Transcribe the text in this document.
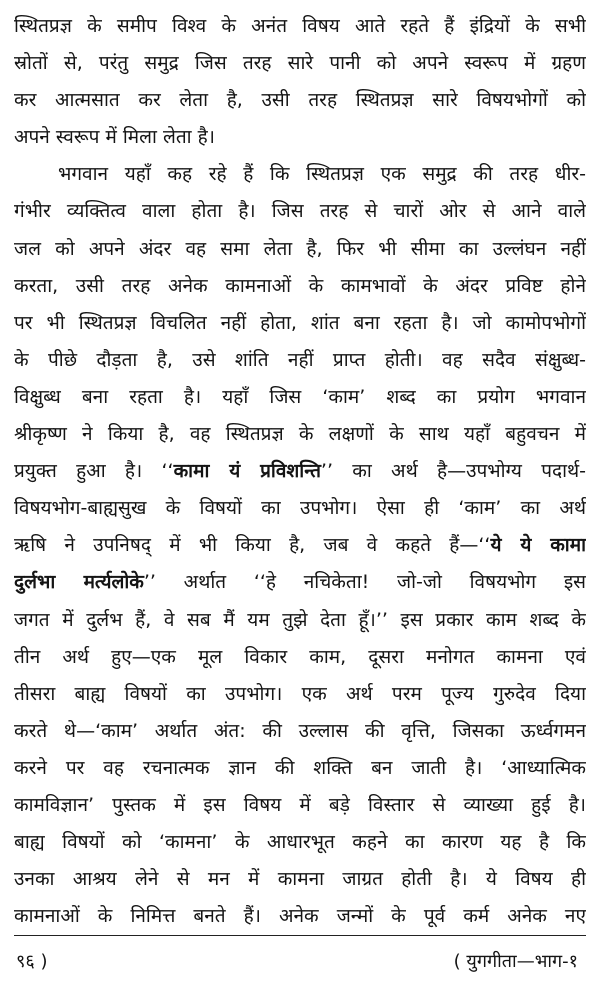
स्थितप्रज्ञ के समीप विश्व के अनंत विषय आते रहते हैं इंद्रियों के सभी
स्रोतों से, परंतु समुद्र जिस तरह सारे पानी को अपने स्वरूप में ग्रहण
कर आत्मसात कर लेता है, उसी तरह स्थितप्रज्ञ सारे विषयभोगों को
अपने स्वरूप में मिला लेता है।
भगवान यहाँ कह रहे हैं कि स्थितप्रज्ञ एक समुद्र की तरह धीर-
गंभीर व्यक्तित्व वाला होता है। जिस तरह से चारों ओर से आने वाले
जल को अपने अंदर वह समा लेता है, फिर भी सीमा का उल्लंघन नहीं
करता, उसी तरह अनेक कामनाओं के कामभावों के अंदर प्रविष्ट होने
पर भी स्थितप्रज्ञ विचलित नहीं होता, शांत बना रहता है। जो कामोपभोगों
के पीछे दौड़ता है, उसे शांति नहीं प्राप्त होती। वह सदैव संक्षुब्ध-
विक्षुब्ध बना रहता है। यहाँ जिस ‘काम’ शब्द का प्रयोग भगवान
श्रीकृष्ण ने किया है, वह स्थितप्रज्ञ के लक्षणों के साथ यहाँ बहुवचन में
प्रयुक्त हुआ है। ‘‘कामा यं प्रविशन्ति’’ का अर्थ है—उपभोग्य पदार्थ-
विषयभोग-बाह्यसुख के विषयों का उपभोग। ऐसा ही ‘काम’ का अर्थ
ऋषि ने उपनिषद् में भी किया है, जब वे कहते हैं—‘‘ये ये कामा
दुर्लभा मर्त्यलोके’’ अर्थात ‘‘हे नचिकेता! जो-जो विषयभोग इस
जगत में दुर्लभ हैं, वे सब मैं यम तुझे देता हूँ।’’ इस प्रकार काम शब्द के
तीन अर्थ हुए—एक मूल विकार काम, दूसरा मनोगत कामना एवं
तीसरा बाह्य विषयों का उपभोग। एक अर्थ परम पूज्य गुरुदेव दिया
करते थे—‘काम’ अर्थात अंत: की उल्लास की वृत्ति, जिसका ऊर्ध्वगमन
करने पर वह रचनात्मक ज्ञान की शक्ति बन जाती है। ‘आध्यात्मिक
कामविज्ञान’ पुस्तक में इस विषय में बड़े विस्तार से व्याख्या हुई है।
बाह्य विषयों को ‘कामना’ के आधारभूत कहने का कारण यह है कि
उनका आश्रय लेने से मन में कामना जाग्रत होती है। ये विषय ही
कामनाओं के निमित्त बनते हैं। अनेक जन्मों के पूर्व कर्म अनेक नए
९६ )	( युगगीता—भाग-१
